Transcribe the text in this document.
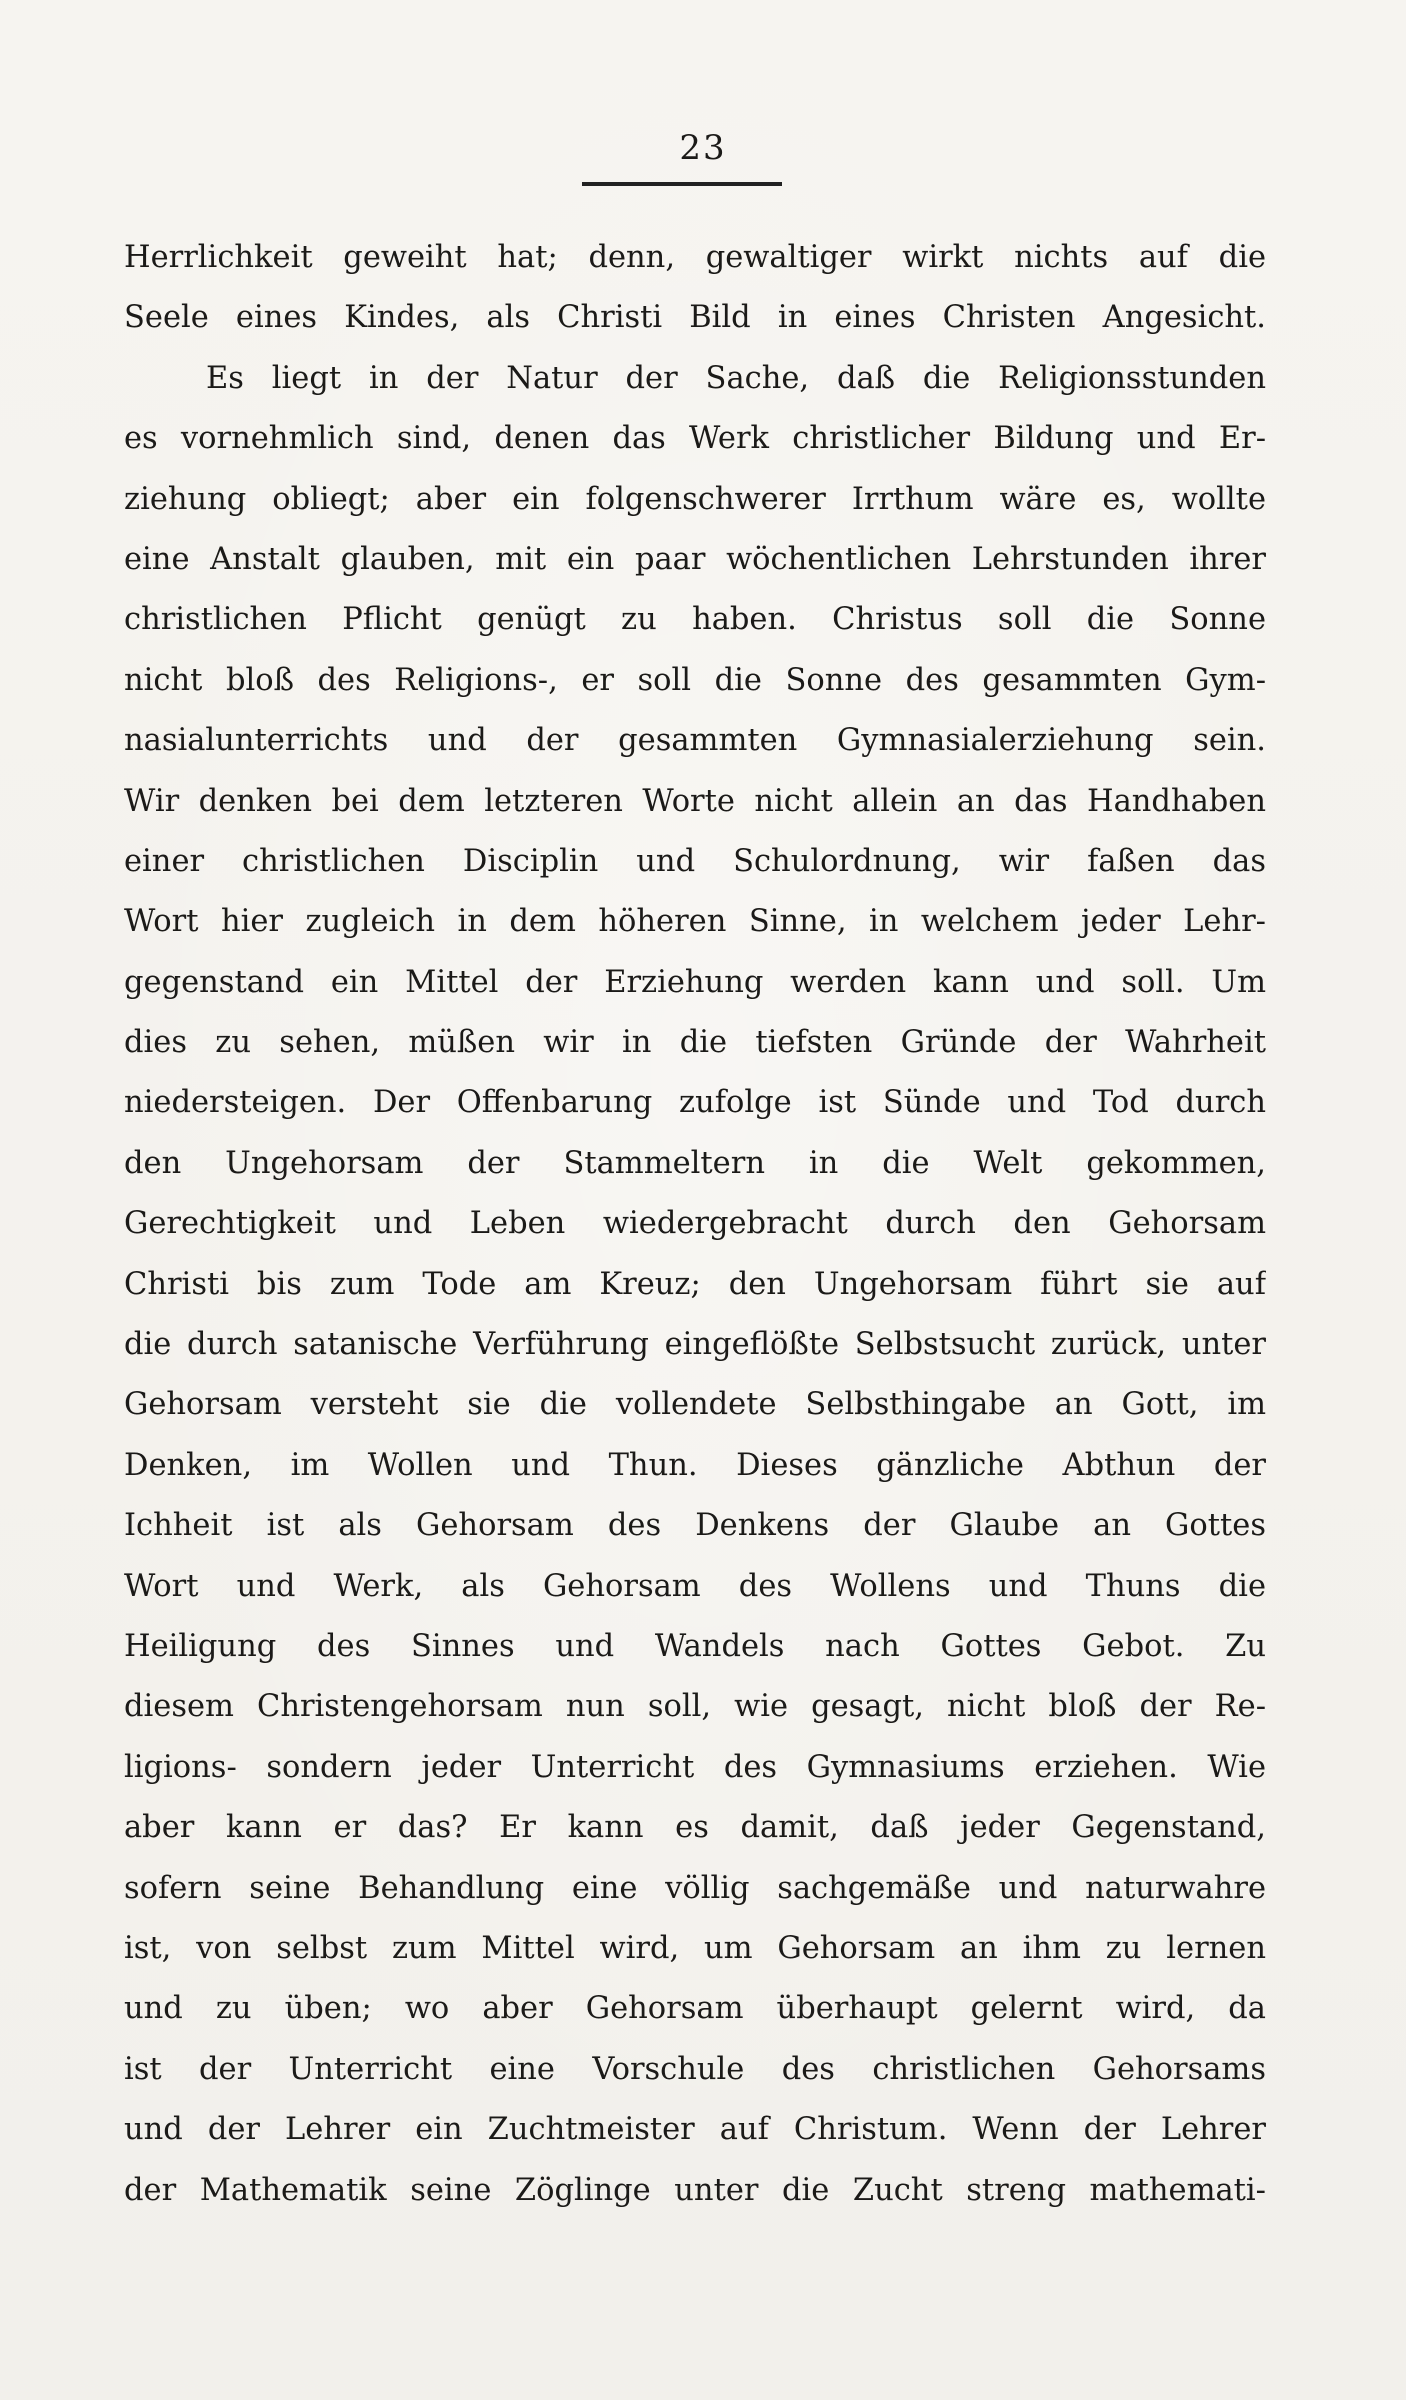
23
Herrlichkeit geweiht hat; denn, gewaltiger wirkt nichts auf die
Seele eines Kindes, als Christi Bild in eines Christen Angesicht.
Es liegt in der Natur der Sache, daß die Religionsstunden
es vornehmlich sind, denen das Werk christlicher Bildung und Er-
ziehung obliegt; aber ein folgenschwerer Irrthum wäre es, wollte
eine Anstalt glauben, mit ein paar wöchentlichen Lehrstunden ihrer
christlichen Pflicht genügt zu haben. Christus soll die Sonne
nicht bloß des Religions-, er soll die Sonne des gesammten Gym-
nasialunterrichts und der gesammten Gymnasialerziehung sein.
Wir denken bei dem letzteren Worte nicht allein an das Handhaben
einer christlichen Disciplin und Schulordnung, wir faßen das
Wort hier zugleich in dem höheren Sinne, in welchem jeder Lehr-
gegenstand ein Mittel der Erziehung werden kann und soll. Um
dies zu sehen, müßen wir in die tiefsten Gründe der Wahrheit
niedersteigen. Der Offenbarung zufolge ist Sünde und Tod durch
den Ungehorsam der Stammeltern in die Welt gekommen,
Gerechtigkeit und Leben wiedergebracht durch den Gehorsam
Christi bis zum Tode am Kreuz; den Ungehorsam führt sie auf
die durch satanische Verführung eingeflößte Selbstsucht zurück, unter
Gehorsam versteht sie die vollendete Selbsthingabe an Gott, im
Denken, im Wollen und Thun. Dieses gänzliche Abthun der
Ichheit ist als Gehorsam des Denkens der Glaube an Gottes
Wort und Werk, als Gehorsam des Wollens und Thuns die
Heiligung des Sinnes und Wandels nach Gottes Gebot. Zu
diesem Christengehorsam nun soll, wie gesagt, nicht bloß der Re-
ligions- sondern jeder Unterricht des Gymnasiums erziehen. Wie
aber kann er das? Er kann es damit, daß jeder Gegenstand,
sofern seine Behandlung eine völlig sachgemäße und naturwahre
ist, von selbst zum Mittel wird, um Gehorsam an ihm zu lernen
und zu üben; wo aber Gehorsam überhaupt gelernt wird, da
ist der Unterricht eine Vorschule des christlichen Gehorsams
und der Lehrer ein Zuchtmeister auf Christum. Wenn der Lehrer
der Mathematik seine Zöglinge unter die Zucht streng mathemati-
